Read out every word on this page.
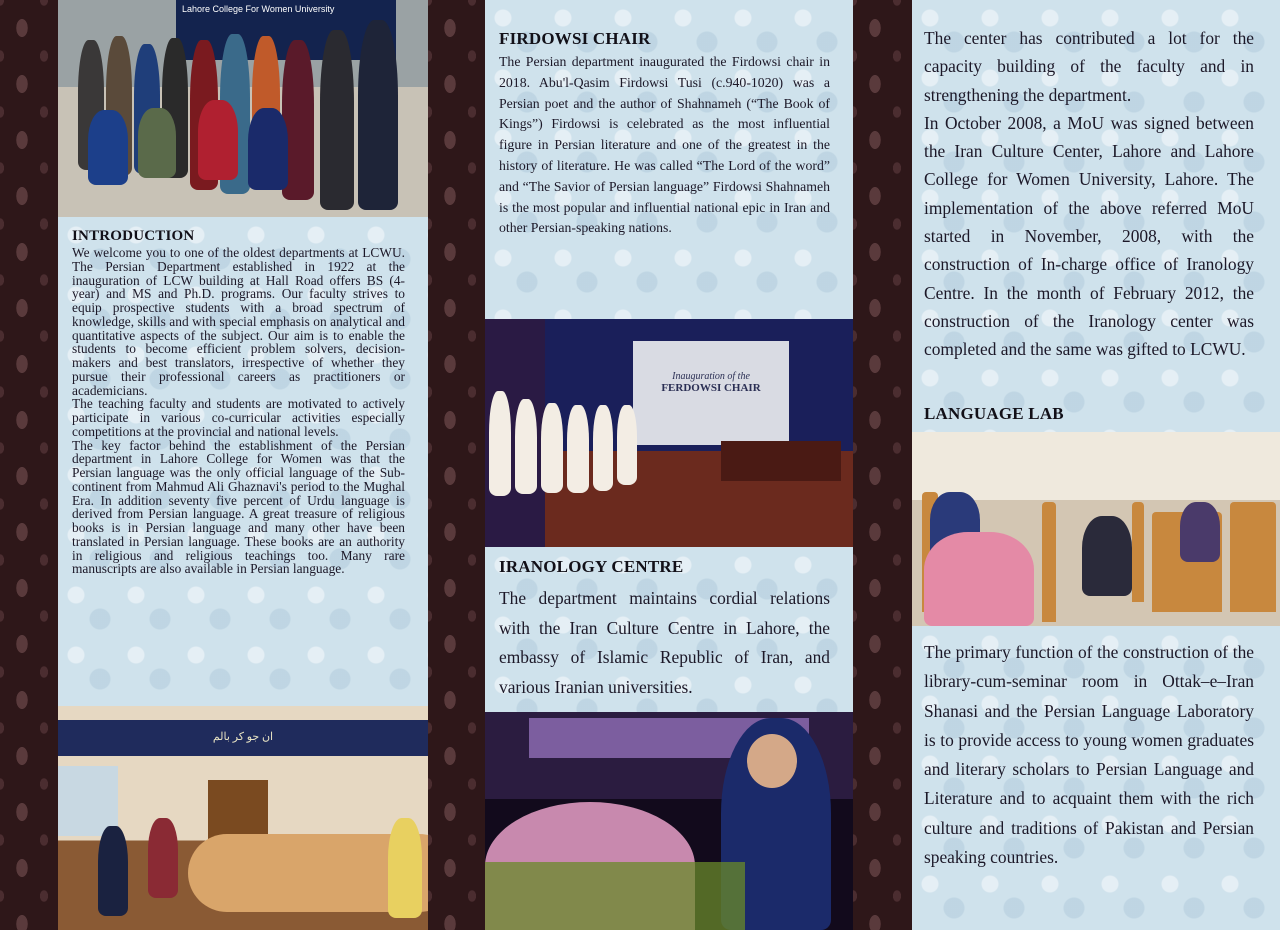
Lahore College For Women University
INTRODUCTION

We welcome you to one of the oldest departments at LCWU. The Persian Department established in 1922 at the inauguration of LCW building at Hall Road offers BS (4-year) and MS and Ph.D. programs. Our faculty strives to equip prospective students with a broad spectrum of knowledge, skills and with special emphasis on analytical and quantitative aspects of the subject. Our aim is to enable the students to become efficient problem solvers, decision-makers and best translators, irrespective of whether they pursue their professional careers as practitioners or academicians.

The teaching faculty and students are motivated to actively participate in various co-curricular activities especially competitions at the provincial and national levels.

The key factor behind the establishment of the Persian department in Lahore College for Women was that the Persian language was the only official language of the Sub-continent from Mahmud Ali Ghaznavi's period to the Mughal Era. In addition seventy five percent of Urdu language is derived from Persian language. A great treasure of religious books is in Persian language and many other have been translated in Persian language. These books are an authority in religious and religious teachings too. Many rare manuscripts are also available in Persian language.

ﺍﻥ ﺟﻮ ﮐﺮ ﺑﺎﻟﻢ
FIRDOWSI CHAIR
The Persian department inaugurated the Firdowsi chair in 2018. Abu'l-Qasim Firdowsi Tusi (c.940-1020) was a Persian poet and the author of Shahnameh (“The Book of Kings”) Firdowsi is celebrated as the most influential figure in Persian literature and one of the greatest in the history of literature. He was called “The Lord of the word” and “The Savior of Persian language” Firdowsi Shahnameh is the most popular and influential national epic in Iran and other Persian-speaking nations.
Inauguration of the
FERDOWSI CHAIR
IRANOLOGY CENTRE
The department maintains cordial relations with the Iran Culture Centre in Lahore, the embassy of Islamic Republic of Iran, and various Iranian universities.

The center has contributed a lot for the capacity building of the faculty and in strengthening the department.

In October 2008, a MoU was signed between the Iran Culture Center, Lahore and Lahore College for Women University, Lahore. The implementation of the above referred MoU started in November, 2008, with the construction of In-charge office of Iranology Centre. In the month of February 2012, the construction of the Iranology center was completed and the same was gifted to LCWU.

LANGUAGE LAB
The primary function of the construction of the library-cum-seminar room in Ottak–e–Iran Shanasi and the Persian Language Laboratory is to provide access to young women graduates and literary scholars to Persian Language and Literature and to acquaint them with the rich culture and traditions of Pakistan and Persian speaking countries.
